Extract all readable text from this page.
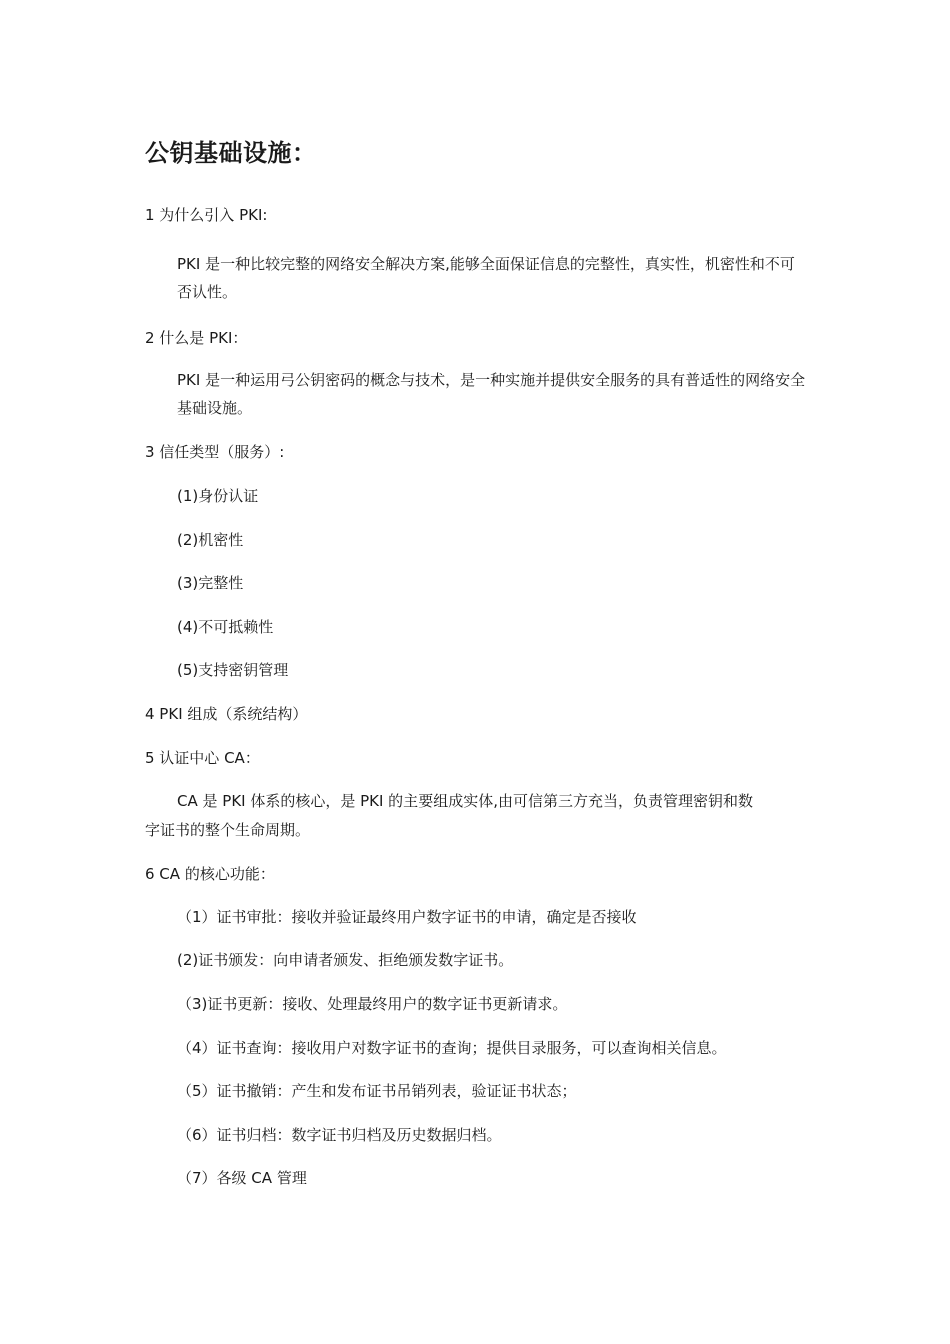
公钥基础设施：
1 为什么引入 PKI:
PKI 是一种比较完整的网络安全解决方案,能够全面保证信息的完整性，真实性，机密性和不可否认性。
2 什么是 PKI：
PKI 是一种运用弓公钥密码的概念与技术，是一种实施并提供安全服务的具有普适性的网络安全基础设施。
3 信任类型（服务）:
(1)身份认证
(2)机密性
(3)完整性
(4)不可抵赖性
(5)支持密钥管理
4 PKI 组成（系统结构）
5 认证中心 CA：
CA 是 PKI 体系的核心，是 PKI 的主要组成实体,由可信第三方充当，负责管理密钥和数
字证书的整个生命周期。
6 CA 的核心功能：
（1）证书审批：接收并验证最终用户数字证书的申请，确定是否接收
(2)证书颁发：向申请者颁发、拒绝颁发数字证书。
（3)证书更新：接收、处理最终用户的数字证书更新请求。
（4）证书查询：接收用户对数字证书的查询；提供目录服务，可以查询相关信息。
（5）证书撤销：产生和发布证书吊销列表，验证证书状态；
（6）证书归档：数字证书归档及历史数据归档。
（7）各级 CA 管理
